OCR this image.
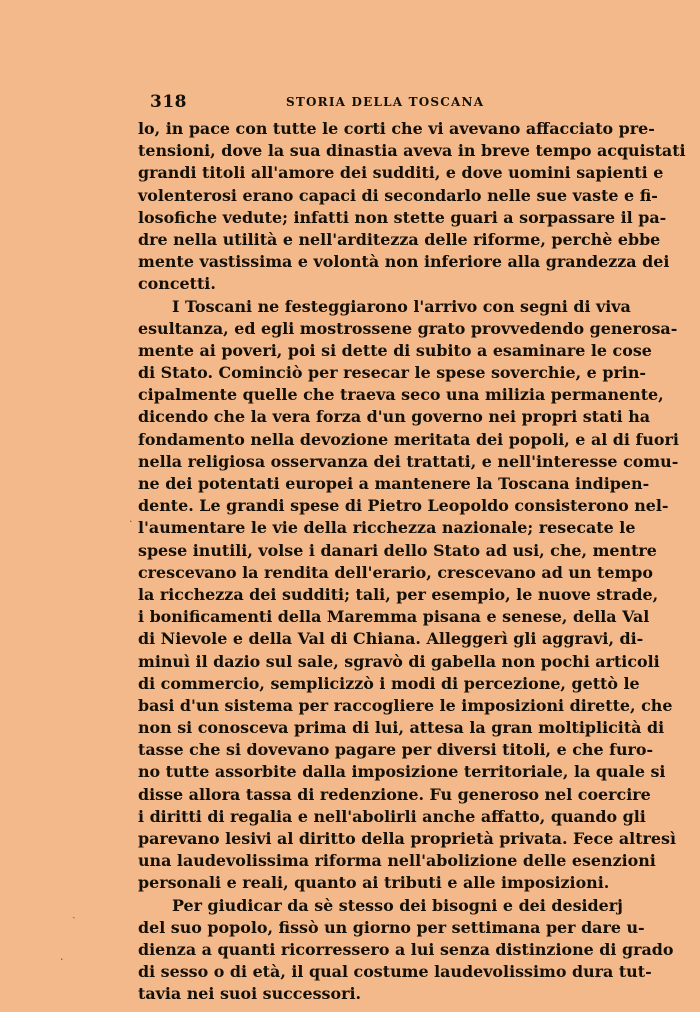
318	STORIA DELLA TOSCANA
lo, in pace con tutte le corti che vi avevano affacciato pre-
tensioni, dove la sua dinastia aveva in breve tempo acquistati
grandi titoli all'amore dei sudditi, e dove uomini sapienti e
volenterosi erano capaci di secondarlo nelle sue vaste e fi-
losofiche vedute; infatti non stette guari a sorpassare il pa-
dre nella utilità e nell'arditezza delle riforme, perchè ebbe
mente vastissima e volontà non inferiore alla grandezza dei
concetti.
I Toscani ne festeggiarono l'arrivo con segni di viva
esultanza, ed egli mostrossene grato provvedendo generosa-
mente ai poveri, poi si dette di subito a esaminare le cose
di Stato. Cominciò per resecar le spese soverchie, e prin-
cipalmente quelle che traeva seco una milizia permanente,
dicendo che la vera forza d'un governo nei propri stati ha
fondamento nella devozione meritata dei popoli, e al di fuori
nella religiosa osservanza dei trattati, e nell'interesse comu-
ne dei potentati europei a mantenere la Toscana indipen-
dente. Le grandi spese di Pietro Leopoldo consisterono nel-
l'aumentare le vie della ricchezza nazionale; resecate le
spese inutili, volse i danari dello Stato ad usi, che, mentre
crescevano la rendita dell'erario, crescevano ad un tempo
la ricchezza dei sudditi; tali, per esempio, le nuove strade,
i bonificamenti della Maremma pisana e senese, della Val
di Nievole e della Val di Chiana. Alleggerì gli aggravi, di-
minuì il dazio sul sale, sgravò di gabella non pochi articoli
di commercio, semplicizzò i modi di percezione, gettò le
basi d'un sistema per raccogliere le imposizioni dirette, che
non si conosceva prima di lui, attesa la gran moltiplicità di
tasse che si dovevano pagare per diversi titoli, e che furo-
no tutte assorbite dalla imposizione territoriale, la quale si
disse allora tassa di redenzione. Fu generoso nel coercire
i diritti di regalia e nell'abolirli anche affatto, quando gli
parevano lesivi al diritto della proprietà privata. Fece altresì
una laudevolissima riforma nell'abolizione delle esenzioni
personali e reali, quanto ai tributi e alle imposizioni.
Per giudicar da sè stesso dei bisogni e dei desiderj
del suo popolo, fissò un giorno per settimana per dare u-
dienza a quanti ricorressero a lui senza distinzione di grado
di sesso o di età, il qual costume laudevolissimo dura tut-
tavia nei suoi successori.
·
ˏ
·
